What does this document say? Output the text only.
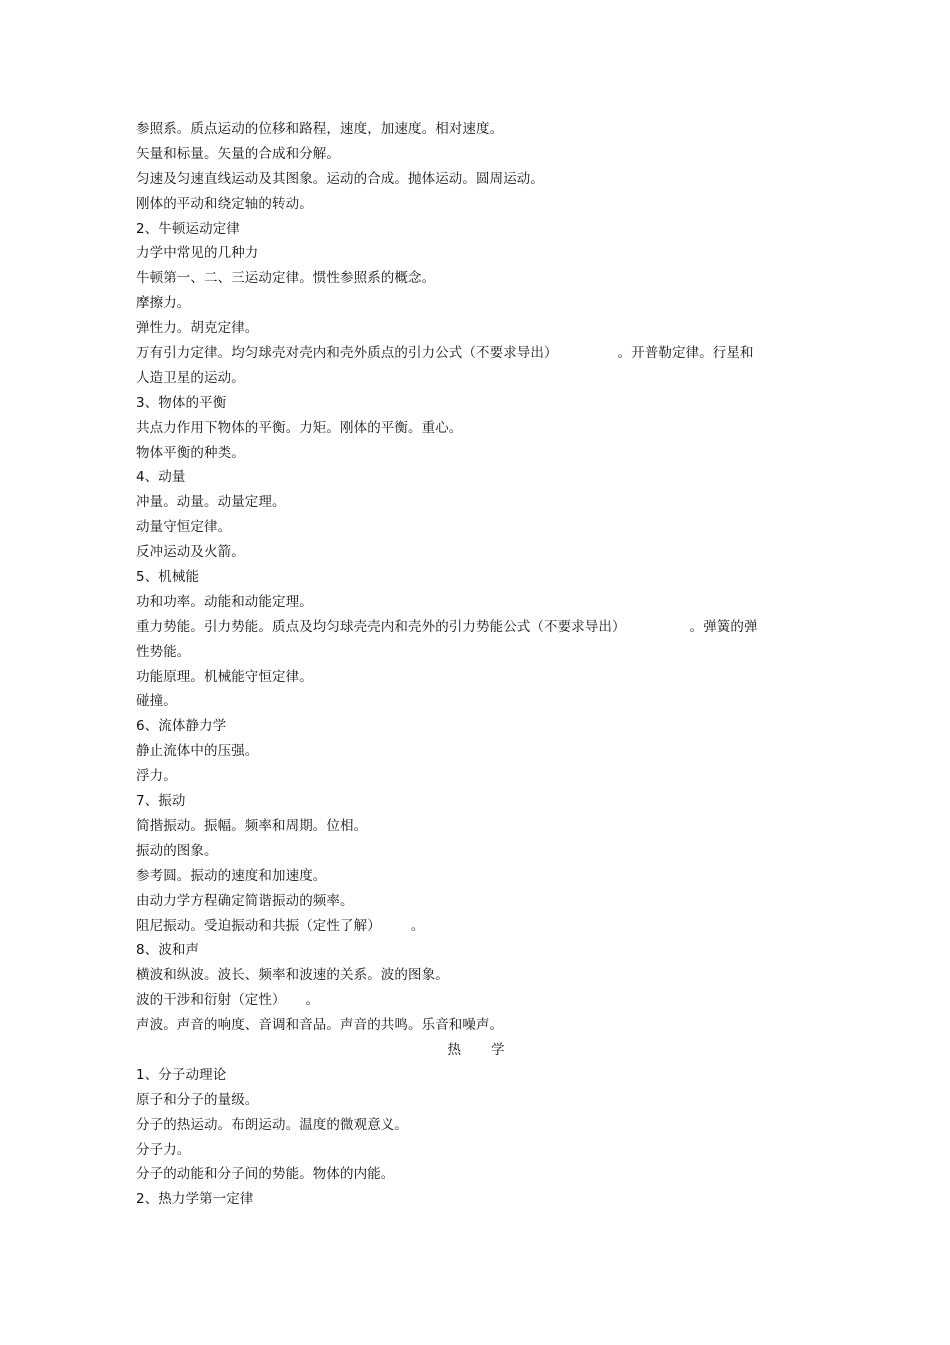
参照系。质点运动的位移和路程，速度，加速度。相对速度。
矢量和标量。矢量的合成和分解。
匀速及匀速直线运动及其图象。运动的合成。抛体运动。圆周运动。
刚体的平动和绕定轴的转动。
2、牛顿运动定律
力学中常见的几种力
牛顿第一、二、三运动定律。惯性参照系的概念。
摩擦力。
弹性力。胡克定律。
万有引力定律。均匀球壳对壳内和壳外质点的引力公式（不要求导出）	。开普勒定律。行星和
人造卫星的运动。
3、物体的平衡
共点力作用下物体的平衡。力矩。刚体的平衡。重心。
物体平衡的种类。
4、动量
冲量。动量。动量定理。
动量守恒定律。
反冲运动及火箭。
5、机械能
功和功率。动能和动能定理。
重力势能。引力势能。质点及均匀球壳壳内和壳外的引力势能公式（不要求导出）	。弹簧的弹
性势能。
功能原理。机械能守恒定律。
碰撞。
6、流体静力学
静止流体中的压强。
浮力。
7、振动
简揩振动。振幅。频率和周期。位相。
振动的图象。
参考圆。振动的速度和加速度。
由动力学方程确定简谐振动的频率。
阻尼振动。受迫振动和共振（定性了解） 。
8、波和声
横波和纵波。波长、频率和波速的关系。波的图象。
波的干涉和衍射（定性） 。
声波。声音的响度、音调和音品。声音的共鸣。乐音和噪声。
热 学
1、分子动理论
原子和分子的量级。
分子的热运动。布朗运动。温度的微观意义。
分子力。
分子的动能和分子间的势能。物体的内能。
2、热力学第一定律
